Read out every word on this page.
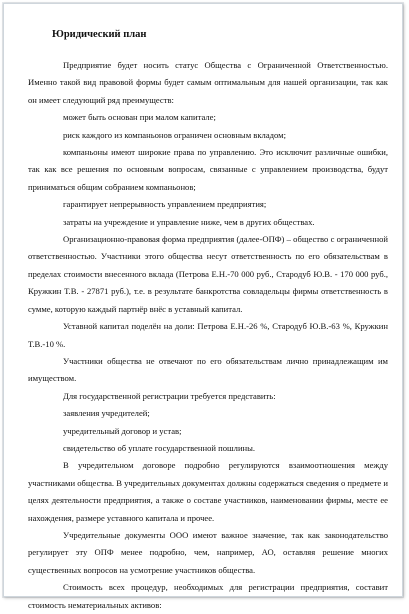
Юридический план

Предприятие будет носить статус Общества с Ограниченной Ответственностью. Именно такой вид правовой формы будет самым оптимальным для нашей организации, так как он имеет следующий ряд преимуществ:

может быть основан при малом капитале;

риск каждого из компаньонов ограничен основным вкладом;

компаньоны имеют широкие права по управлению. Это исключит различные ошибки, так как все решения по основным вопросам, связанные с управлением производства, будут приниматься общим собранием компаньонов;

гарантирует непрерывность управлением предприятия;

затраты на учреждение и управление ниже, чем в других обществах.

Организационно-правовая форма предприятия (далее-ОПФ) – общество с ограниченной ответственностью. Участники этого общества несут ответственность по его обязательствам в пределах стоимости внесенного вклада (Петрова Е.Н.-70 000 руб., Стародуб Ю.В. - 170 000 руб., Кружкин Т.В. - 27871 руб.), т.е. в результате банкротства совладельцы фирмы ответственность в сумме, которую каждый партнёр внёс в уставный капитал.

Уставной капитал поделён на доли: Петрова Е.Н.-26 %, Стародуб Ю.В.-63 %, Кружкин Т.В.-10 %.

Участники общества не отвечают по его обязательствам лично принадлежащим им имуществом.

Для государственной регистрации требуется представить:

заявления учредителей;

учредительный договор и устав;

свидетельство об уплате государственной пошлины.

В учредительном договоре подробно регулируются взаимоотношения между участниками общества. В учредительных документах должны содержаться сведения о предмете и целях деятельности предприятия, а также о составе участников, наименовании фирмы, месте ее нахождения, размере уставного капитала и прочее.

Учредительные документы ООО имеют важное значение, так как законодательство регулирует эту ОПФ менее подробно, чем, например, АО, оставляя решение многих существенных вопросов на усмотрение участников общества.

Стоимость всех процедур, необходимых для регистрации предприятия, составит стоимость нематериальных активов:
